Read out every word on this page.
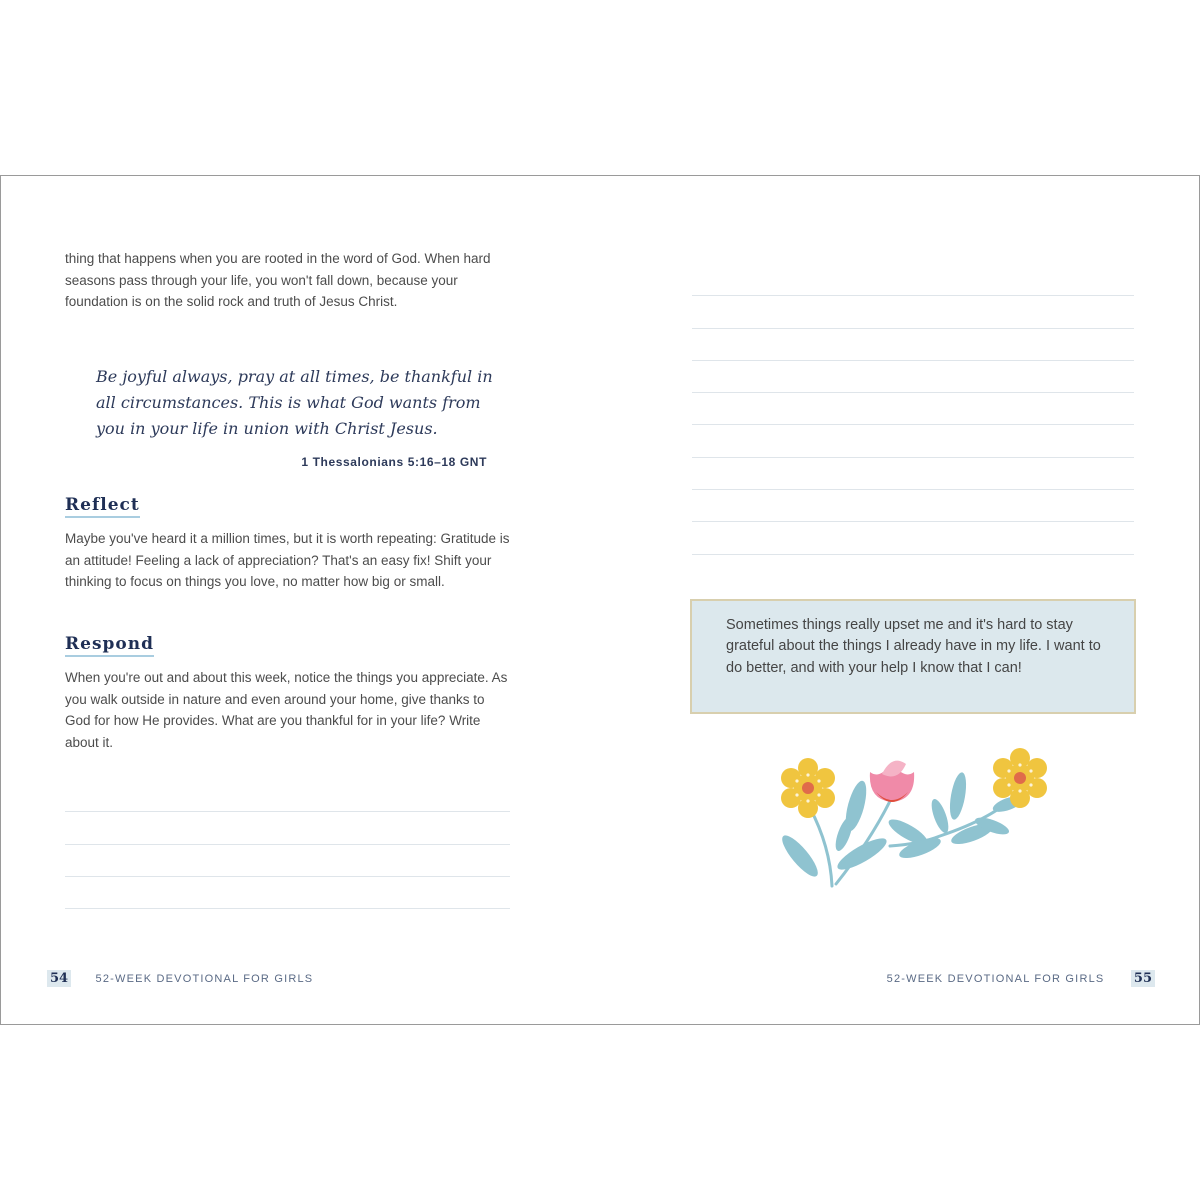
thing that happens when you are rooted in the word of God. When hard seasons pass through your life, you won't fall down, because your foundation is on the solid rock and truth of Jesus Christ.

Be joyful always, pray at all times, be thankful in all circumstances. This is what God wants from you in your life in union with Christ Jesus.

1 Thessalonians 5:16–18 GNT
Reflect

Maybe you've heard it a million times, but it is worth repeating: Gratitude is an attitude! Feeling a lack of appreciation? That's an easy fix! Shift your thinking to focus on things you love, no matter how big or small.

Respond

When you're out and about this week, notice the things you appreciate. As you walk outside in nature and even around your home, give thanks to God for how He provides. What are you thankful for in your life? Write about it.

54 52-WEEK DEVOTIONAL FOR GIRLS

Sometimes things really upset me and it's hard to stay grateful about the things I already have in my life. I want to do better, and with your help I know that I can!

52-WEEK DEVOTIONAL FOR GIRLS 55
